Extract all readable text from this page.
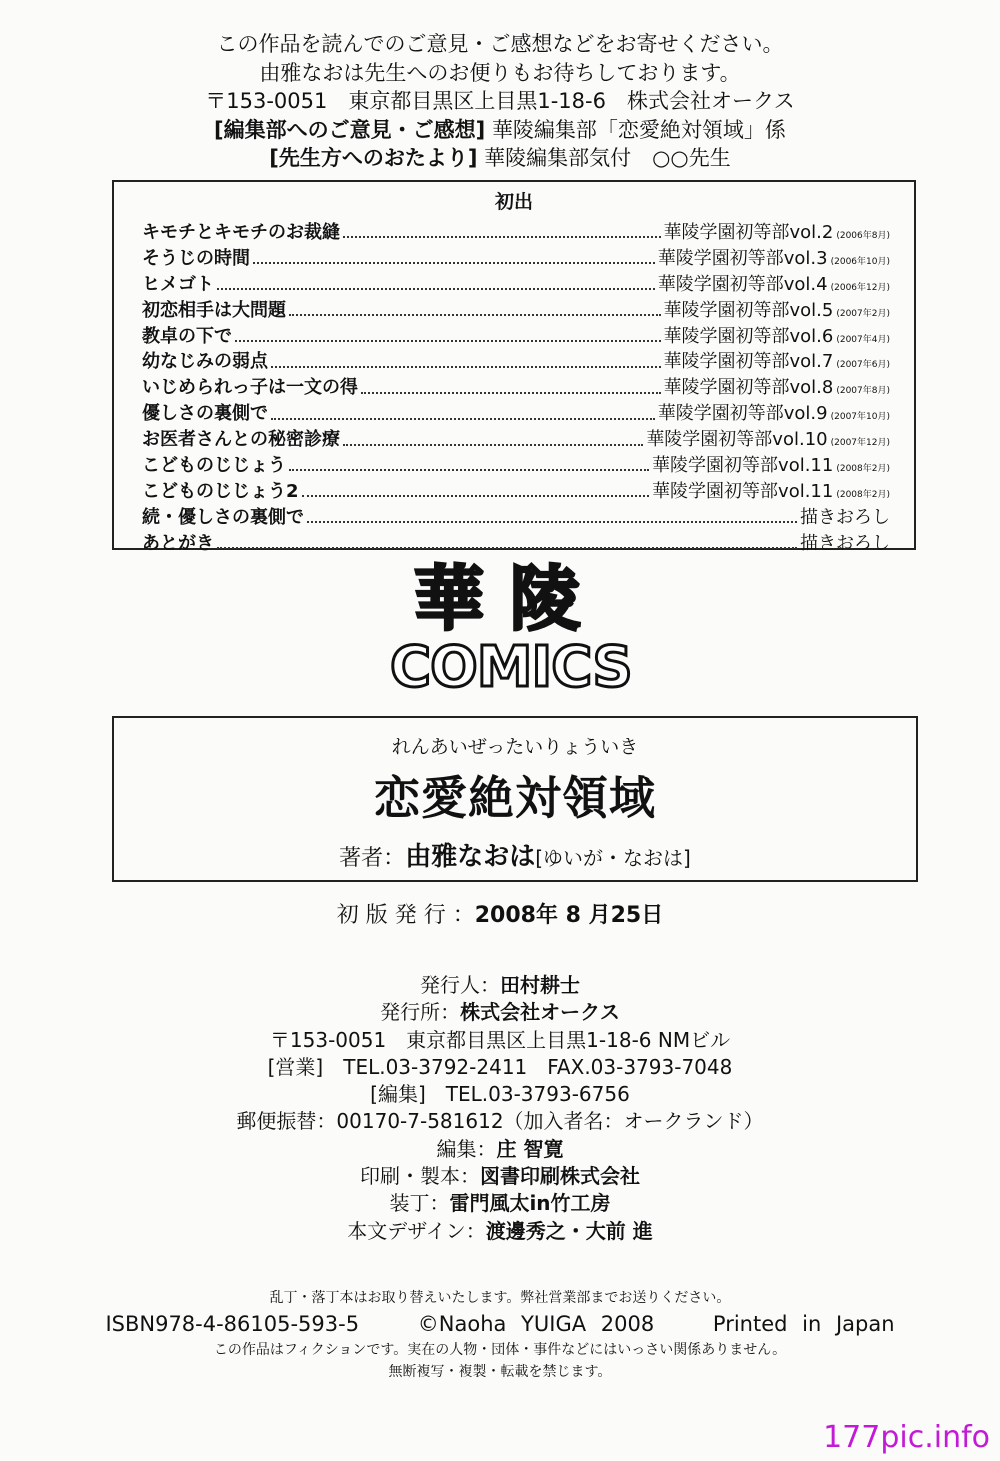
この作品を読んでのご意見・ご感想などをお寄せください。
由雅なおは先生へのお便りもお待ちしております。
〒153-0051　東京都目黒区上目黒1-18-6　株式会社オークス
[編集部へのご意見・ご感想] 華陵編集部「恋愛絶対領域」係
[先生方へのおたより] 華陵編集部気付　○○先生
初出
キモチとキモチのお裁縫	華陵学園初等部vol.2 (2006年8月)
そうじの時間	華陵学園初等部vol.3 (2006年10月)
ヒメゴト	華陵学園初等部vol.4 (2006年12月)
初恋相手は大問題	華陵学園初等部vol.5 (2007年2月)
教卓の下で	華陵学園初等部vol.6 (2007年4月)
幼なじみの弱点	華陵学園初等部vol.7 (2007年6月)
いじめられっ子は一文の得	華陵学園初等部vol.8 (2007年8月)
優しさの裏側で	華陵学園初等部vol.9 (2007年10月)
お医者さんとの秘密診療	華陵学園初等部vol.10 (2007年12月)
こどものじじょう	華陵学園初等部vol.11 (2008年2月)
こどものじじょう2	華陵学園初等部vol.11 (2008年2月)
続・優しさの裏側で	描きおろし
あとがき	描きおろし
華陵
COMICS
れんあいぜったいりょういき
恋愛絶対領域
著者：由雅なおは[ゆいが・なおは]
初 版 発 行 ：2008年 8 月25日
発行人：田村耕士
発行所：株式会社オークス
〒153-0051　東京都目黒区上目黒1-18-6 NMビル
[営業]　TEL.03-3792-2411　FAX.03-3793-7048
[編集]　TEL.03-3793-6756
郵便振替：00170-7-581612（加入者名：オークランド）
編集：庄 智寛
印刷・製本：図書印刷株式会社
装丁：雷門風太in竹工房
本文デザイン：渡邊秀之・大前 進
乱丁・落丁本はお取り替えいたします。弊社営業部までお送りください。
ISBN978-4-86105-593-5	©Naoha YUIGA 2008	Printed in Japan
この作品はフィクションです。実在の人物・団体・事件などにはいっさい関係ありません。
無断複写・複製・転載を禁じます。
177pic.info
